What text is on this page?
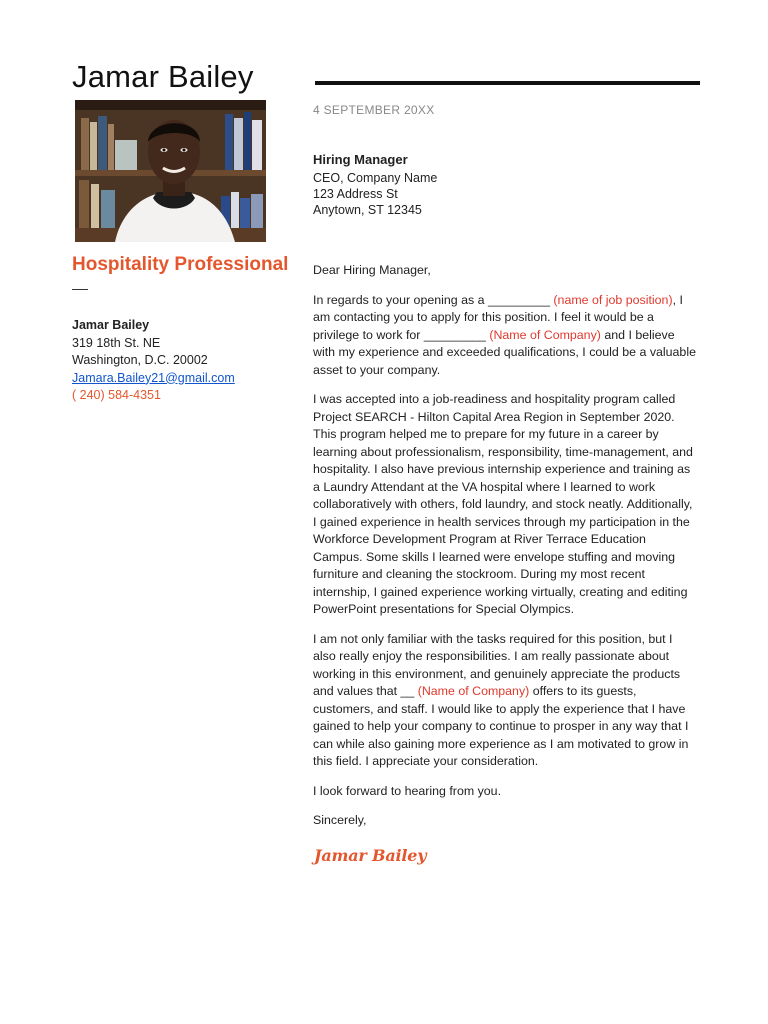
Jamar Bailey
Hospitality Professional
Jamar Bailey
319 18th St. NE
Washington, D.C. 20002
Jamara.Bailey21@gmail.com
( 240) 584-4351
4 SEPTEMBER 20XX
Hiring Manager
CEO, Company Name
123 Address St
Anytown, ST 12345

Dear Hiring Manager,

In regards to your opening as a _________ (name of job position), I am contacting you to apply for this position. I feel it would be a privilege to work for _________ (Name of Company) and I believe with my experience and exceeded qualifications, I could be a valuable asset to your company.

I was accepted into a job-readiness and hospitality program called Project SEARCH - Hilton Capital Area Region in September 2020. This program helped me to prepare for my future in a career by learning about professionalism, responsibility, time-management, and hospitality. I also have previous internship experience and training as a Laundry Attendant at the VA hospital where I learned to work collaboratively with others, fold laundry, and stock neatly. Additionally, I gained experience in health services through my participation in the Workforce Development Program at River Terrace Education Campus. Some skills I learned were envelope stuffing and moving furniture and cleaning the stockroom. During my most recent internship, I gained experience working virtually, creating and editing PowerPoint presentations for Special Olympics.

I am not only familiar with the tasks required for this position, but I also really enjoy the responsibilities. I am really passionate about working in this environment, and genuinely appreciate the products and values that __ (Name of Company) offers to its guests, customers, and staff. I would like to apply the experience that I have gained to help your company to continue to prosper in any way that I can while also gaining more experience as I am motivated to grow in this field. I appreciate your consideration.

I look forward to hearing from you.

Sincerely,

Jamar Bailey
